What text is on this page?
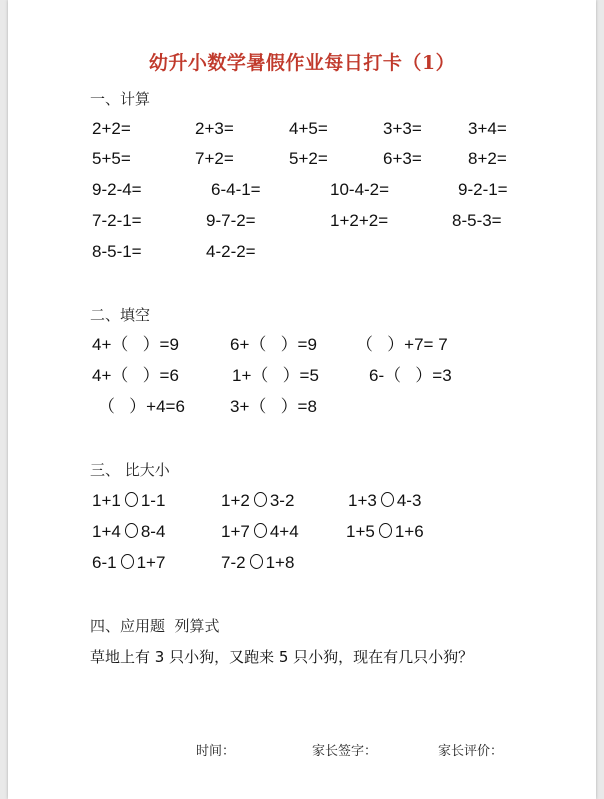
幼升小数学暑假作业每日打卡（1）
一、计算
2+2=	2+3=	4+5=	3+3=	3+4=
5+5=	7+2=	5+2=	6+3=	8+2=
9-2-4=	6-4-1=	10-4-2=	9-2-1=
7-2-1=	9-7-2=	1+2+2=	8-5-3=
8-5-1=	4-2-2=
二、填空
4+（ ）=9	6+（ ）=9 （ ）+7= 7
4+（ ）=6	1+（ ）=5	6-（ ）=3
（ ）+4=6	3+（ ）=8
三、 比大小
1+1 1-1	1+2 3-2	1+3 4-3
1+4 8-4	1+7 4+4	1+5 1+6
6-1 1+7	7-2 1+8
四、应用题  列算式
草地上有 3 只小狗，又跑来 5 只小狗，现在有几只小狗？
时间：	家长签字：	家长评价：
